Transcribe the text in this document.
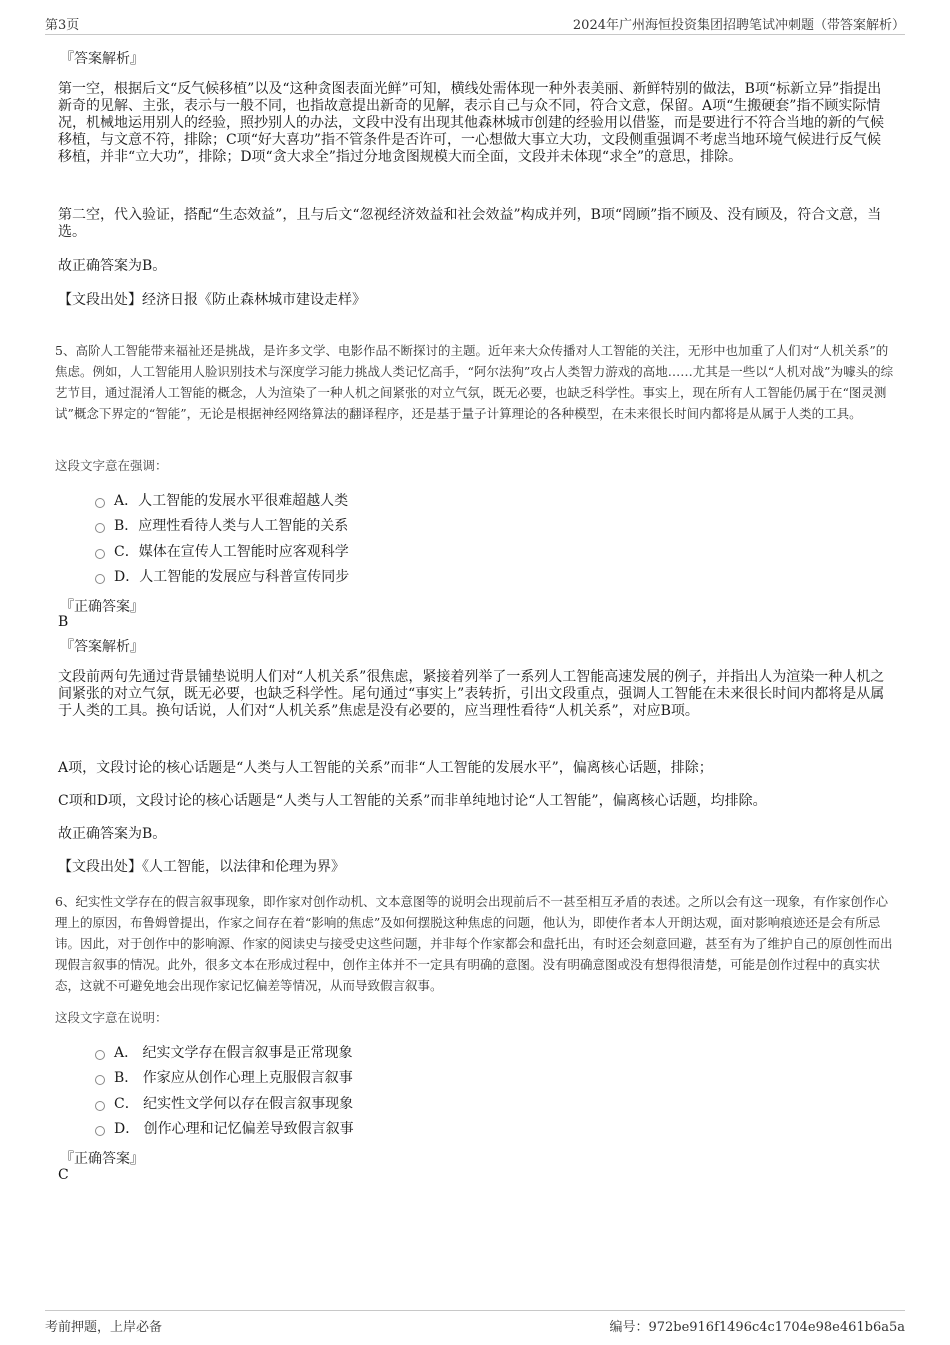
第3页	2024年广州海恒投资集团招聘笔试冲刺题（带答案解析）

『答案解析』

第一空，根据后文“反气候移植”以及“这种贪图表面光鲜”可知，横线处需体现一种外表美丽、新鲜特别的做法，B项“标新立异”指提出新奇的见解、主张，表示与一般不同，也指故意提出新奇的见解，表示自己与众不同，符合文意，保留。A项“生搬硬套”指不顾实际情况，机械地运用别人的经验，照抄别人的办法，文段中没有出现其他森林城市创建的经验用以借鉴，而是要进行不符合当地的新的气候移植，与文意不符，排除；C项“好大喜功”指不管条件是否许可，一心想做大事立大功，文段侧重强调不考虑当地环境气候进行反气候移植，并非“立大功”，排除；D项“贪大求全”指过分地贪图规模大而全面，文段并未体现“求全”的意思，排除。

第二空，代入验证，搭配“生态效益”，且与后文“忽视经济效益和社会效益”构成并列，B项“罔顾”指不顾及、没有顾及，符合文意，当选。

故正确答案为B。

【文段出处】经济日报《防止森林城市建设走样》

5、高阶人工智能带来福祉还是挑战，是许多文学、电影作品不断探讨的主题。近年来大众传播对人工智能的关注，无形中也加重了人们对“人机关系”的焦虑。例如，人工智能用人脸识别技术与深度学习能力挑战人类记忆高手，“阿尔法狗”攻占人类智力游戏的高地……尤其是一些以“人机对战”为噱头的综艺节目，通过混淆人工智能的概念，人为渲染了一种人机之间紧张的对立气氛，既无必要，也缺乏科学性。事实上，现在所有人工智能仍属于在“图灵测试”概念下界定的“智能”，无论是根据神经网络算法的翻译程序，还是基于量子计算理论的各种模型，在未来很长时间内都将是从属于人类的工具。

这段文字意在强调：

A．人工智能的发展水平很难超越人类
B．应理性看待人类与人工智能的关系
C．媒体在宣传人工智能时应客观科学
D．人工智能的发展应与科普宣传同步

『正确答案』

B

『答案解析』

文段前两句先通过背景铺垫说明人们对“人机关系”很焦虑，紧接着列举了一系列人工智能高速发展的例子，并指出人为渲染一种人机之间紧张的对立气氛，既无必要，也缺乏科学性。尾句通过“事实上”表转折，引出文段重点，强调人工智能在未来很长时间内都将是从属于人类的工具。换句话说，人们对“人机关系”焦虑是没有必要的，应当理性看待“人机关系”，对应B项。

A项，文段讨论的核心话题是“人类与人工智能的关系”而非“人工智能的发展水平”，偏离核心话题，排除；

C项和D项，文段讨论的核心话题是“人类与人工智能的关系”而非单纯地讨论“人工智能”，偏离核心话题，均排除。

故正确答案为B。

【文段出处】《人工智能，以法律和伦理为界》

6、纪实性文学存在的假言叙事现象，即作家对创作动机、文本意图等的说明会出现前后不一甚至相互矛盾的表述。之所以会有这一现象，有作家创作心理上的原因，布鲁姆曾提出，作家之间存在着“影响的焦虑”及如何摆脱这种焦虑的问题，他认为，即使作者本人开朗达观，面对影响痕迹还是会有所忌讳。因此，对于创作中的影响源、作家的阅读史与接受史这些问题，并非每个作家都会和盘托出，有时还会刻意回避，甚至有为了维护自己的原创性而出现假言叙事的情况。此外，很多文本在形成过程中，创作主体并不一定具有明确的意图。没有明确意图或没有想得很清楚，可能是创作过程中的真实状态，这就不可避免地会出现作家记忆偏差等情况，从而导致假言叙事。

这段文字意在说明：

A． 纪实文学存在假言叙事是正常现象
B． 作家应从创作心理上克服假言叙事
C． 纪实性文学何以存在假言叙事现象
D． 创作心理和记忆偏差导致假言叙事

『正确答案』

C

考前押题，上岸必备	编号：972be916f1496c4c1704e98e461b6a5a
